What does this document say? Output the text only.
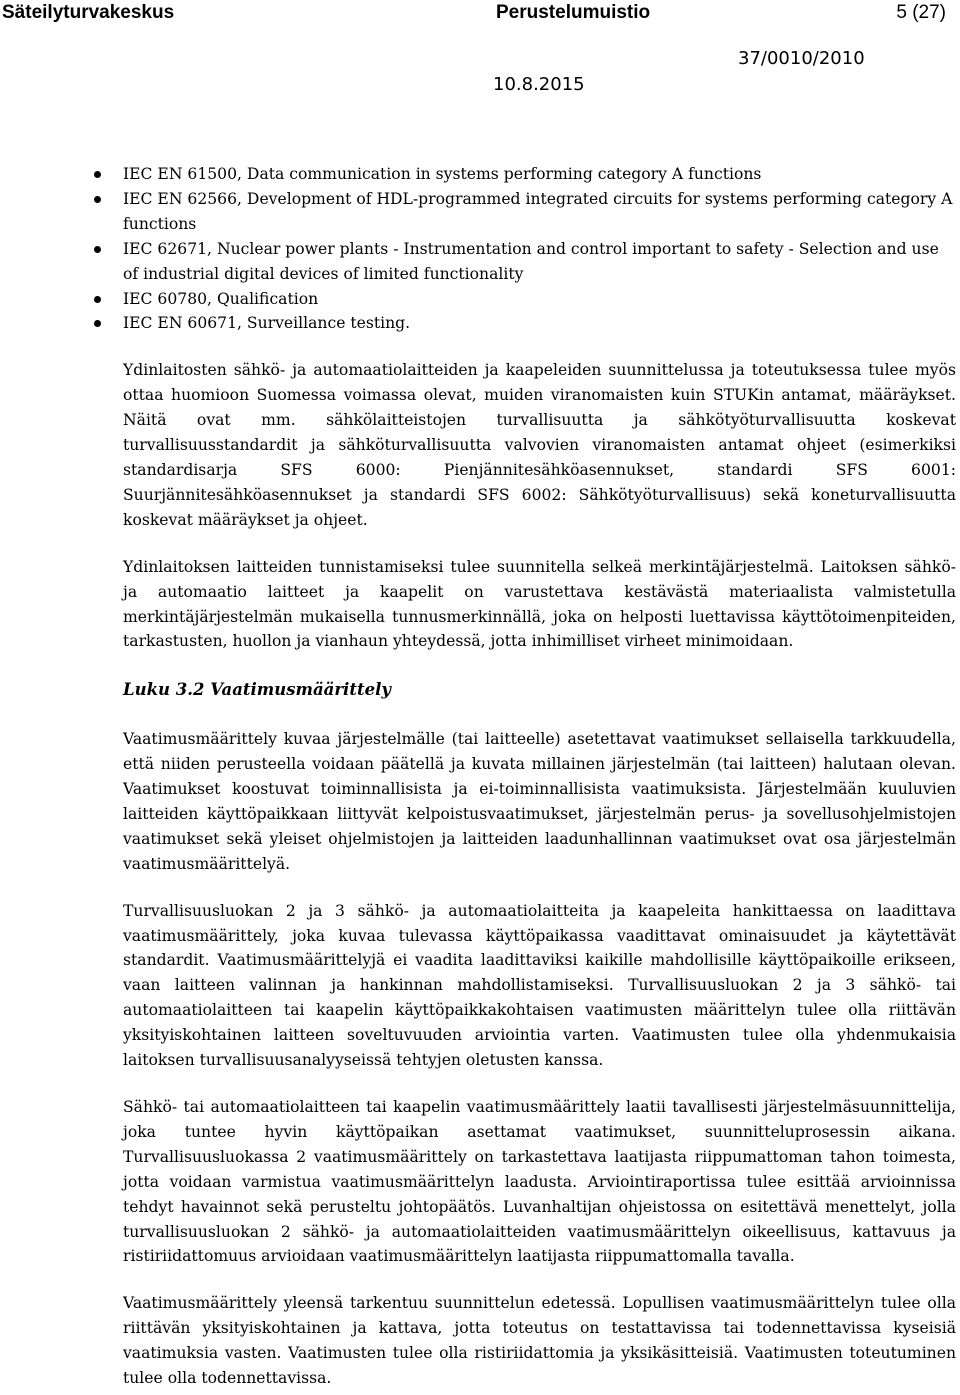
Säteilyturvakeskus	Perustelumuistio	5 (27)
37/0010/2010
10.8.2015
IEC EN 61500, Data communication in systems performing category A functions
IEC EN 62566, Development of HDL-programmed integrated circuits for systems performing category A functions
IEC 62671, Nuclear power plants - Instrumentation and control important to safety - Selection and use of industrial digital devices of limited functionality
IEC 60780, Qualification
IEC EN 60671, Surveillance testing.

Ydinlaitosten sähkö- ja automaatiolaitteiden ja kaapeleiden suunnittelussa ja toteutuksessa tulee myös ottaa huomioon Suomessa voimassa olevat, muiden viranomaisten kuin STUKin antamat, määräykset. Näitä ovat mm. sähkölaitteistojen turvallisuutta ja sähkötyöturvallisuutta koskevat turvallisuusstandardit ja sähköturvallisuutta valvovien viranomaisten antamat ohjeet (esimerkiksi standardisarja SFS 6000: Pienjännitesähköasennukset, standardi SFS 6001: Suurjännitesähköasennukset ja standardi SFS 6002: Sähkötyöturvallisuus) sekä koneturvallisuutta koskevat määräykset ja ohjeet.

Ydinlaitoksen laitteiden tunnistamiseksi tulee suunnitella selkeä merkintäjärjestelmä. Laitoksen sähkö- ja automaatio laitteet ja kaapelit on varustettava kestävästä materiaalista valmistetulla merkintäjärjestelmän mukaisella tunnusmerkinnällä, joka on helposti luettavissa käyttötoimenpiteiden, tarkastusten, huollon ja vianhaun yhteydessä, jotta inhimilliset virheet minimoidaan.

Luku 3.2 Vaatimusmäärittely

Vaatimusmäärittely kuvaa järjestelmälle (tai laitteelle) asetettavat vaatimukset sellaisella tarkkuudella, että niiden perusteella voidaan päätellä ja kuvata millainen järjestelmän (tai laitteen) halutaan olevan. Vaatimukset koostuvat toiminnallisista ja ei-toiminnallisista vaatimuksista. Järjestelmään kuuluvien laitteiden käyttöpaikkaan liittyvät kelpoistusvaatimukset, järjestelmän perus- ja sovellusohjelmistojen vaatimukset sekä yleiset ohjelmistojen ja laitteiden laadunhallinnan vaatimukset ovat osa järjestelmän vaatimusmäärittelyä.

Turvallisuusluokan 2 ja 3 sähkö- ja automaatiolaitteita ja kaapeleita hankittaessa on laadittava vaatimusmäärittely, joka kuvaa tulevassa käyttöpaikassa vaadittavat ominaisuudet ja käytettävät standardit. Vaatimusmäärittelyjä ei vaadita laadittaviksi kaikille mahdollisille käyttöpaikoille erikseen, vaan laitteen valinnan ja hankinnan mahdollistamiseksi. Turvallisuusluokan 2 ja 3 sähkö- tai automaatiolaitteen tai kaapelin käyttöpaikkakohtaisen vaatimusten määrittelyn tulee olla riittävän yksityiskohtainen laitteen soveltuvuuden arviointia varten. Vaatimusten tulee olla yhdenmukaisia laitoksen turvallisuusanalyyseissä tehtyjen oletusten kanssa.

Sähkö- tai automaatiolaitteen tai kaapelin vaatimusmäärittely laatii tavallisesti järjestelmäsuunnittelija, joka tuntee hyvin käyttöpaikan asettamat vaatimukset, suunnitteluprosessin aikana. Turvallisuusluokassa 2 vaatimusmäärittely on tarkastettava laatijasta riippumattoman tahon toimesta, jotta voidaan varmistua vaatimusmäärittelyn laadusta. Arviointiraportissa tulee esittää arvioinnissa tehdyt havainnot sekä perusteltu johtopäätös. Luvanhaltijan ohjeistossa on esitettävä menettelyt, jolla turvallisuusluokan 2 sähkö- ja automaatiolaitteiden vaatimusmäärittelyn oikeellisuus, kattavuus ja ristiriidattomuus arvioidaan vaatimusmäärittelyn laatijasta riippumattomalla tavalla.

Vaatimusmäärittely yleensä tarkentuu suunnittelun edetessä. Lopullisen vaatimusmäärittelyn tulee olla riittävän yksityiskohtainen ja kattava, jotta toteutus on testattavissa tai todennettavissa kyseisiä vaatimuksia vasten. Vaatimusten tulee olla ristiriidattomia ja yksikäsitteisiä. Vaatimusten toteutuminen tulee olla todennettavissa.
